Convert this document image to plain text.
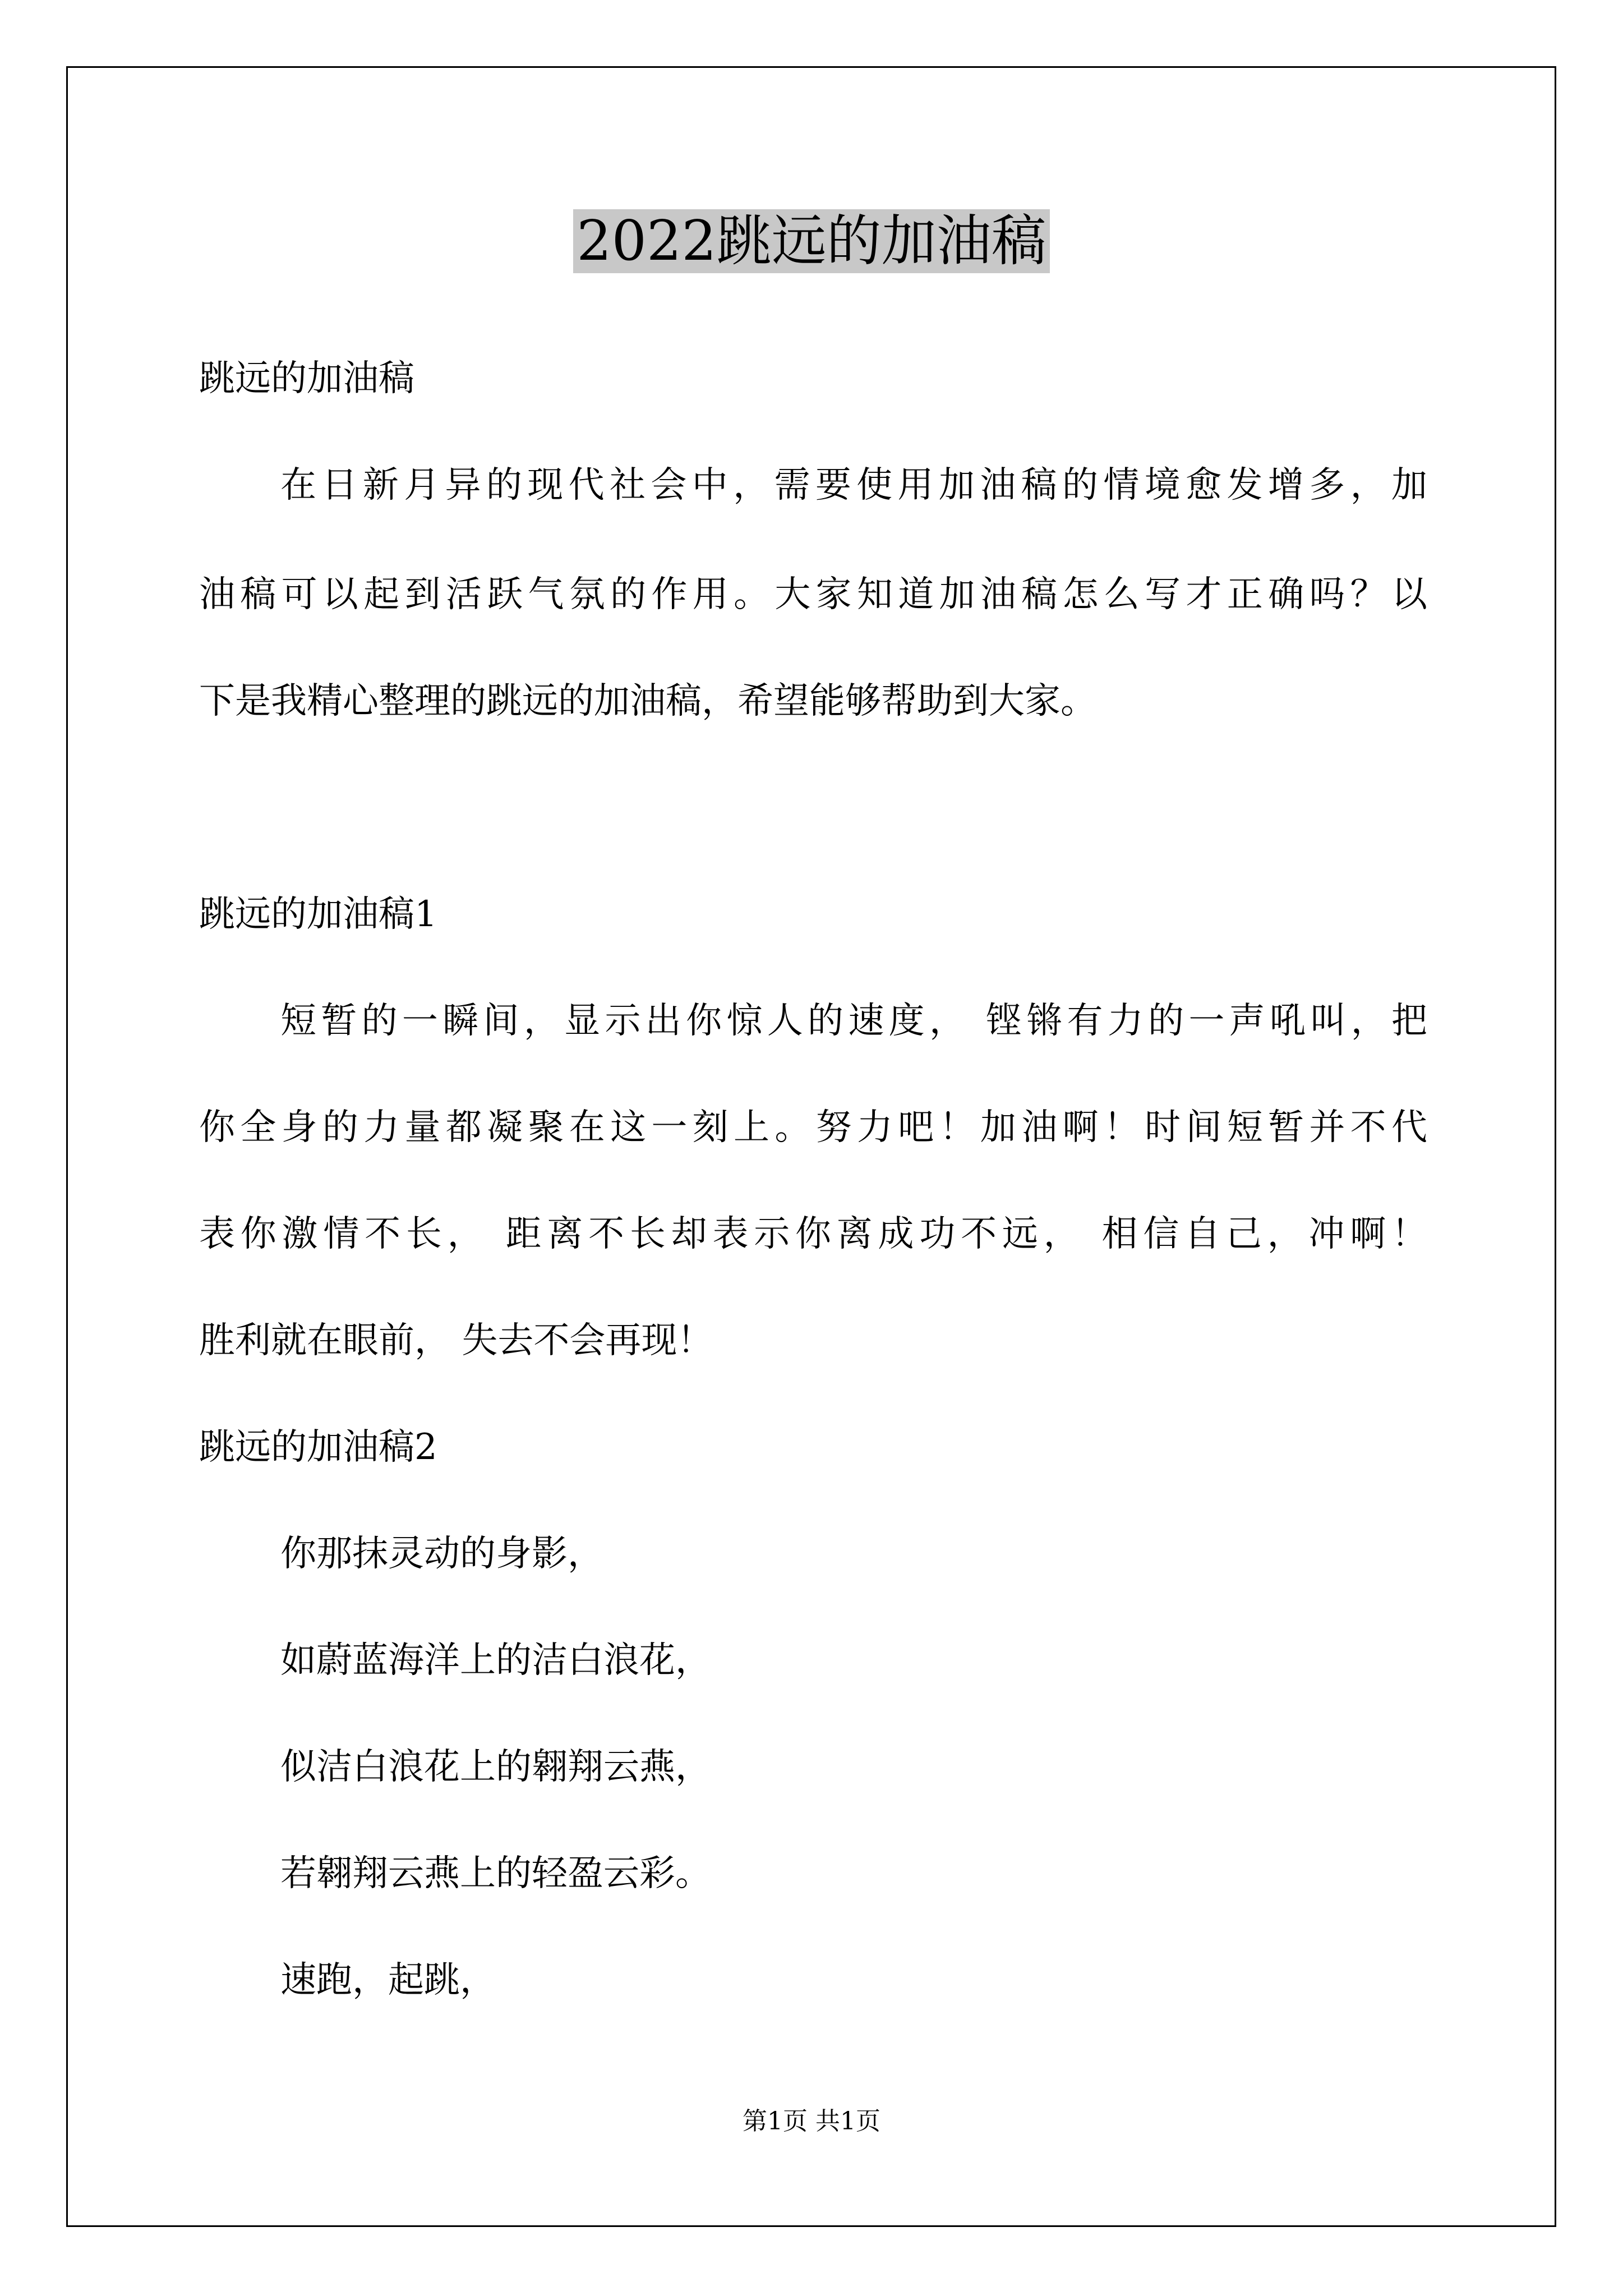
2022跳远的加油稿
跳远的加油稿
在日新月异的现代社会中，需要使用加油稿的情境愈发增多，加
油稿可以起到活跃气氛的作用。大家知道加油稿怎么写才正确吗？以
下是我精心整理的跳远的加油稿，希望能够帮助到大家。
跳远的加油稿1
短暂的一瞬间，显示出你惊人的速度， 铿锵有力的一声吼叫，把
你全身的力量都凝聚在这一刻上。努力吧！加油啊！时间短暂并不代
表你激情不长， 距离不长却表示你离成功不远， 相信自己，冲啊！
胜利就在眼前， 失去不会再现！
跳远的加油稿2
你那抹灵动的身影，
如蔚蓝海洋上的洁白浪花，
似洁白浪花上的翱翔云燕，
若翱翔云燕上的轻盈云彩。
速跑，起跳，
第1页 共1页
